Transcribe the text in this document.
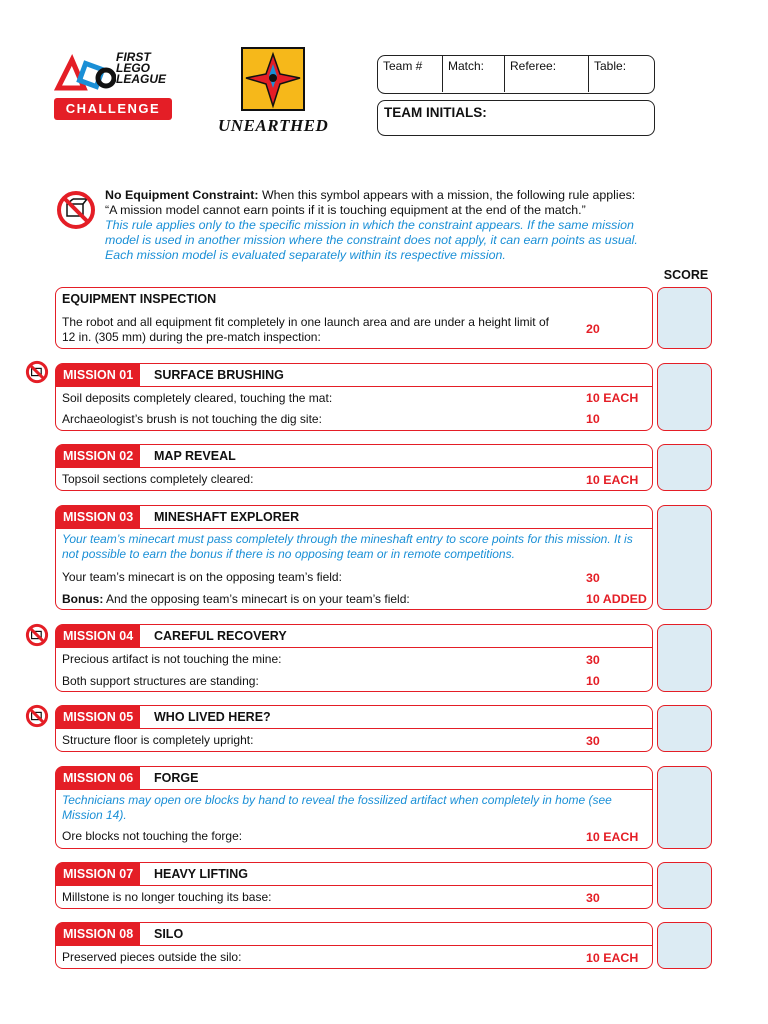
FIRST
LEGO
LEAGUE
CHALLENGE
UNEARTHED
Team #	Match:	Referee:	Table:
TEAM INITIALS:
No Equipment Constraint: When this symbol appears with a mission, the following rule applies:
“A mission model cannot earn points if it is touching equipment at the end of the match.”
This rule applies only to the specific mission in which the constraint appears. If the same mission model is used in another mission where the constraint does not apply, it can earn points as usual. Each mission model is evaluated separately within its respective mission.
SCORE
EQUIPMENT INSPECTION
The robot and all equipment fit completely in one launch area and are under a height limit of
12 in. (305 mm) during the pre-match inspection:
20
MISSION 01	SURFACE BRUSHING
Soil deposits completely cleared, touching the mat:	10 EACH
Archaeologist’s brush is not touching the dig site:	10
MISSION 02	MAP REVEAL
Topsoil sections completely cleared:	10 EACH
MISSION 03	MINESHAFT EXPLORER
Your team’s minecart must pass completely through the mineshaft entry to score points for this mission. It is not possible to earn the bonus if there is no opposing team or in remote competitions.
Your team’s minecart is on the opposing team’s field:	30
Bonus: And the opposing team’s minecart is on your team’s field:	10 ADDED
MISSION 04	CAREFUL RECOVERY
Precious artifact is not touching the mine:	30
Both support structures are standing:	10
MISSION 05	WHO LIVED HERE?
Structure floor is completely upright:	30
MISSION 06	FORGE
Technicians may open ore blocks by hand to reveal the fossilized artifact when completely in home (see Mission 14).
Ore blocks not touching the forge:	10 EACH
MISSION 07	HEAVY LIFTING
Millstone is no longer touching its base:	30
MISSION 08	SILO
Preserved pieces outside the silo:	10 EACH
